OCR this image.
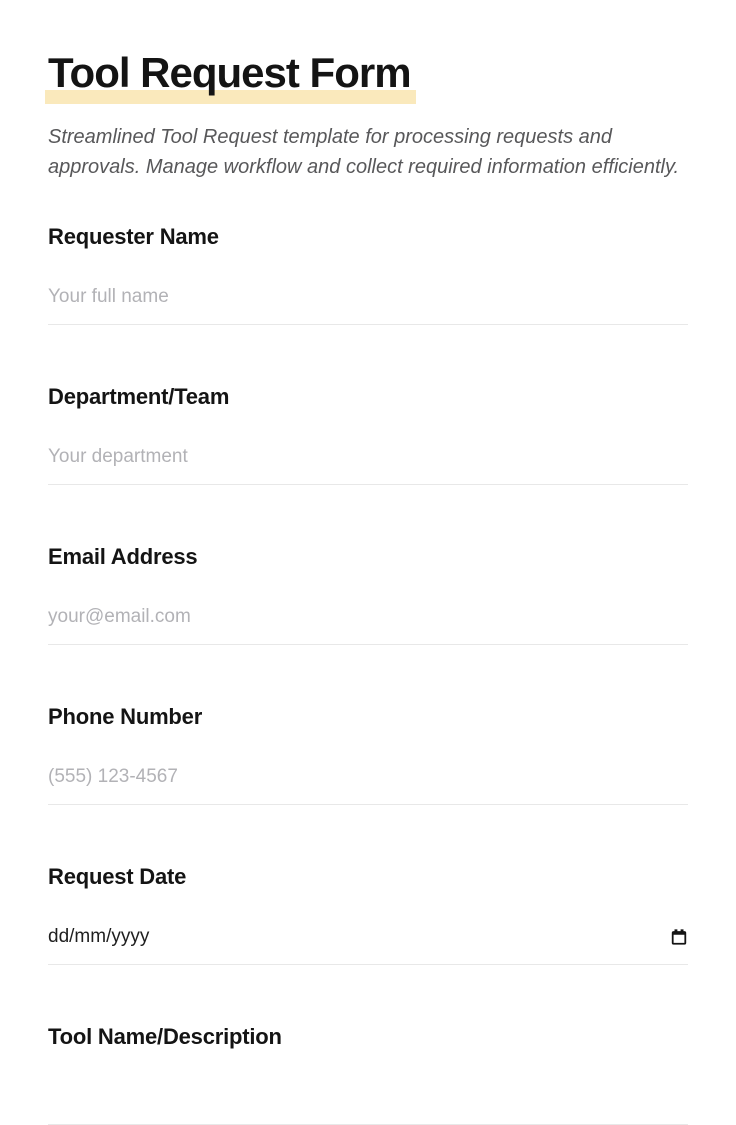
Tool Request Form

Streamlined Tool Request template for processing requests and approvals. Manage workflow and collect required information efficiently.

Requester Name
Your full name
Department/Team
Your department
Email Address
your@email.com
Phone Number
(555) 123-4567
Request Date
dd/mm/yyyy
Tool Name/Description
